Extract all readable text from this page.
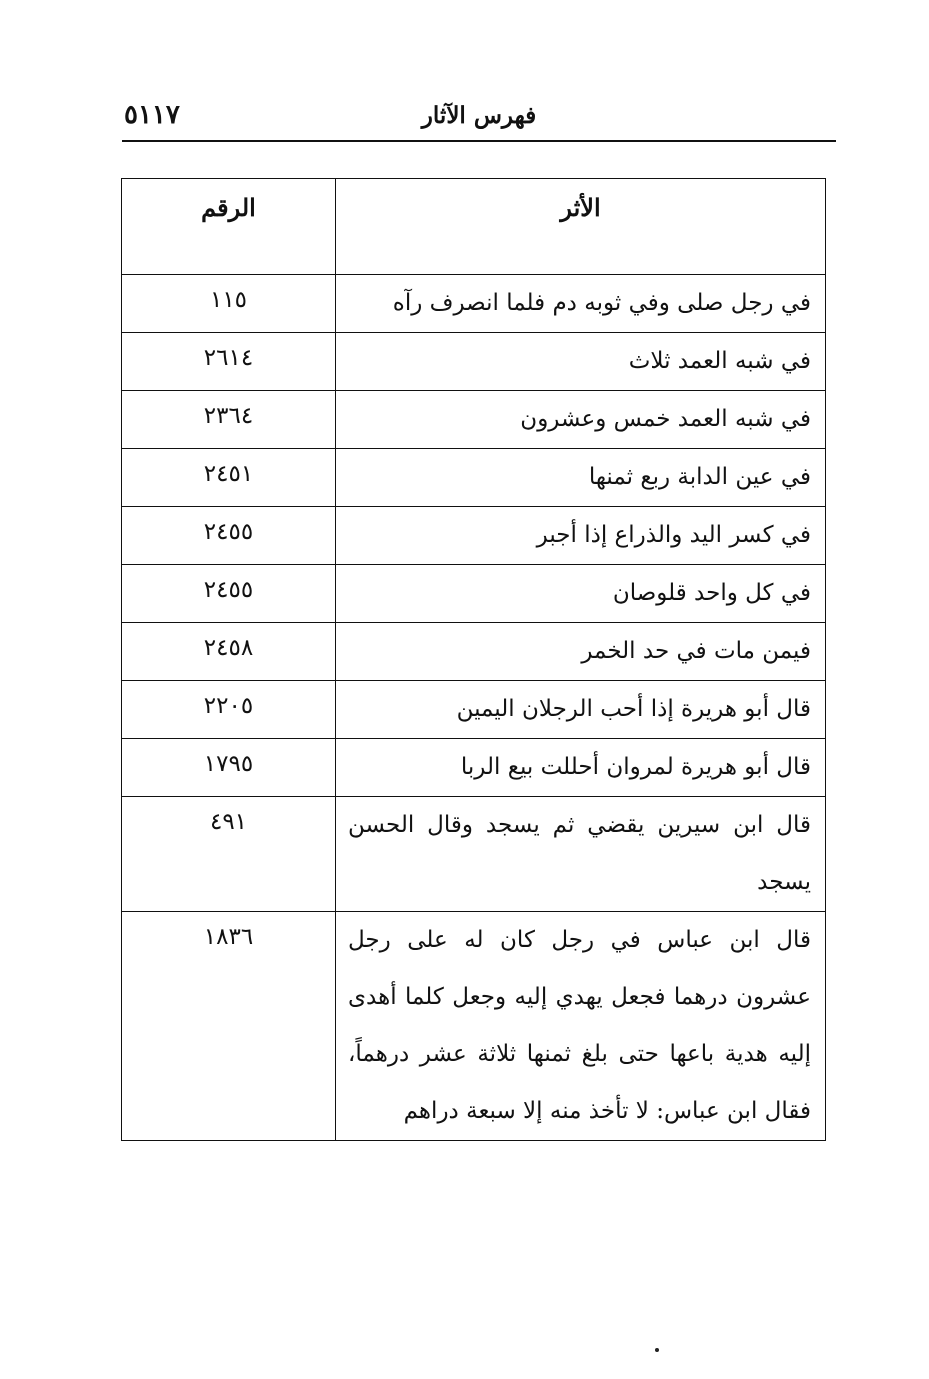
فهرس الآثار
٥١١٧
الأثر	الرقم
في رجل صلى وفي ثوبه دم فلما انصرف رآه	١١٥
في شبه العمد ثلاث	٢٦١٤
في شبه العمد خمس وعشرون	٢٣٦٤
في عين الدابة ربع ثمنها	٢٤٥١
في كسر اليد والذراع إذا أجبر	٢٤٥٥
في كل واحد قلوصان	٢٤٥٥
فيمن مات في حد الخمر	٢٤٥٨
قال أبو هريرة إذا أحب الرجلان اليمين	٢٢٠٥
قال أبو هريرة لمروان أحللت بيع الربا	١٧٩٥
قال ابن سيرين يقضي ثم يسجد وقال الحسن يسجد	٤٩١
قال ابن عباس في رجل كان له على رجل عشرون درهما فجعل يهدي إليه وجعل كلما أهدى إليه هدية باعها حتى بلغ ثمنها ثلاثة عشر درهماً، فقال ابن عباس: لا تأخذ منه إلا سبعة دراهم	١٨٣٦
